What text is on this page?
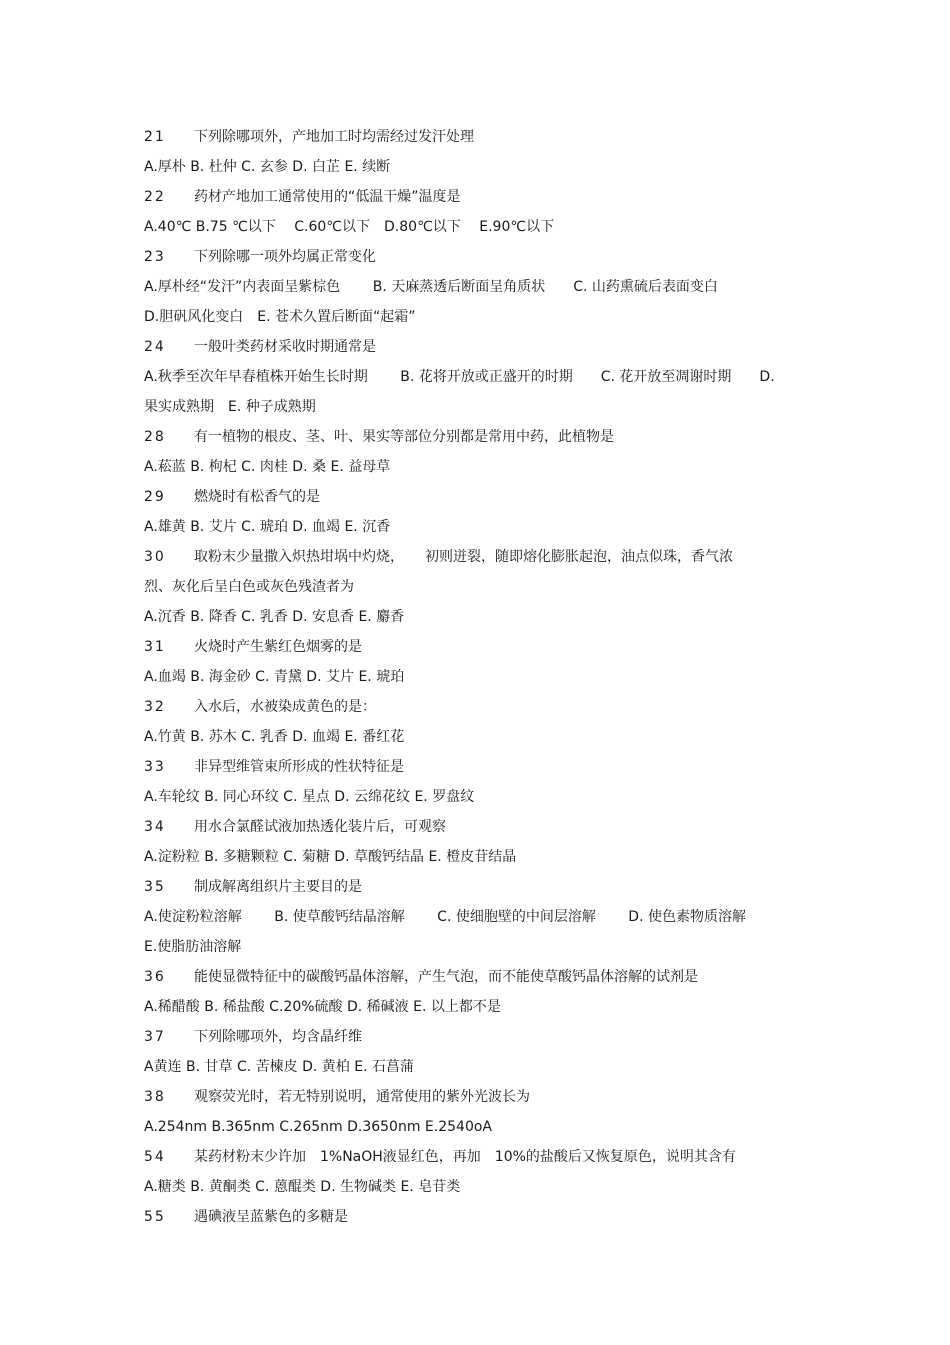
21 下列除哪项外，产地加工时均需经过发汗处理
A.厚朴 B. 杜仲 C. 玄参 D. 白芷 E. 续断
22 药材产地加工通常使用的“低温干燥”温度是
A.40℃ B.75 ℃以下　 C.60℃以下　D.80℃以下　 E.90℃以下
23 下列除哪一项外均属正常变化
A.厚朴经“发汗”内表面呈紫棕色　　 B. 天麻蒸透后断面呈角质状　　C. 山药熏硫后表面变白
D.胆矾风化变白　E. 苍术久置后断面“起霜”
24 一般叶类药材采收时期通常是
A.秋季至次年早春植株开始生长时期　　 B. 花将开放或正盛开的时期　　C. 花开放至凋谢时期　　D.
果实成熟期　E. 种子成熟期
28 有一植物的根皮、茎、叶、果实等部位分别都是常用中药，此植物是
A.菘蓝 B. 枸杞 C. 肉桂 D. 桑 E. 益母草
29 燃烧时有松香气的是
A.雄黄 B. 艾片 C. 琥珀 D. 血竭 E. 沉香
30 取粉末少量撒入炽热坩埚中灼烧，　　初则迸裂，随即熔化膨胀起泡，油点似珠，香气浓
烈、灰化后呈白色或灰色残渣者为
A.沉香 B. 降香 C. 乳香 D. 安息香 E. 麝香
31 火烧时产生紫红色烟雾的是
A.血竭 B. 海金砂 C. 青黛 D. 艾片 E. 琥珀
32 入水后，水被染成黄色的是：
A.竹黄 B. 苏木 C. 乳香 D. 血竭 E. 番红花
33 非异型维管束所形成的性状特征是
A.车轮纹 B. 同心环纹 C. 星点 D. 云绵花纹 E. 罗盘纹
34 用水合氯醛试液加热透化装片后，可观察
A.淀粉粒 B. 多糖颗粒 C. 菊糖 D. 草酸钙结晶 E. 橙皮苷结晶
35 制成解离组织片主要目的是
A.使淀粉粒溶解　　 B. 使草酸钙结晶溶解　　 C. 使细胞壁的中间层溶解　　 D. 使色素物质溶解
E.使脂肪油溶解
36 能使显微特征中的碳酸钙晶体溶解，产生气泡，而不能使草酸钙晶体溶解的试剂是
A.稀醋酸 B. 稀盐酸 C.20%硫酸 D. 稀碱液 E. 以上都不是
37 下列除哪项外，均含晶纤维
A黄连 B. 甘草 C. 苦楝皮 D. 黄柏 E. 石菖蒲
38 观察荧光时，若无特别说明，通常使用的紫外光波长为
A.254nm B.365nm C.265nm D.3650nm E.2540oA
54 某药材粉末少许加　1%NaOH液显红色，再加　10%的盐酸后又恢复原色，说明其含有
A.糖类 B. 黄酮类 C. 蒽醌类 D. 生物碱类 E. 皂苷类
55 遇碘液呈蓝紫色的多糖是
